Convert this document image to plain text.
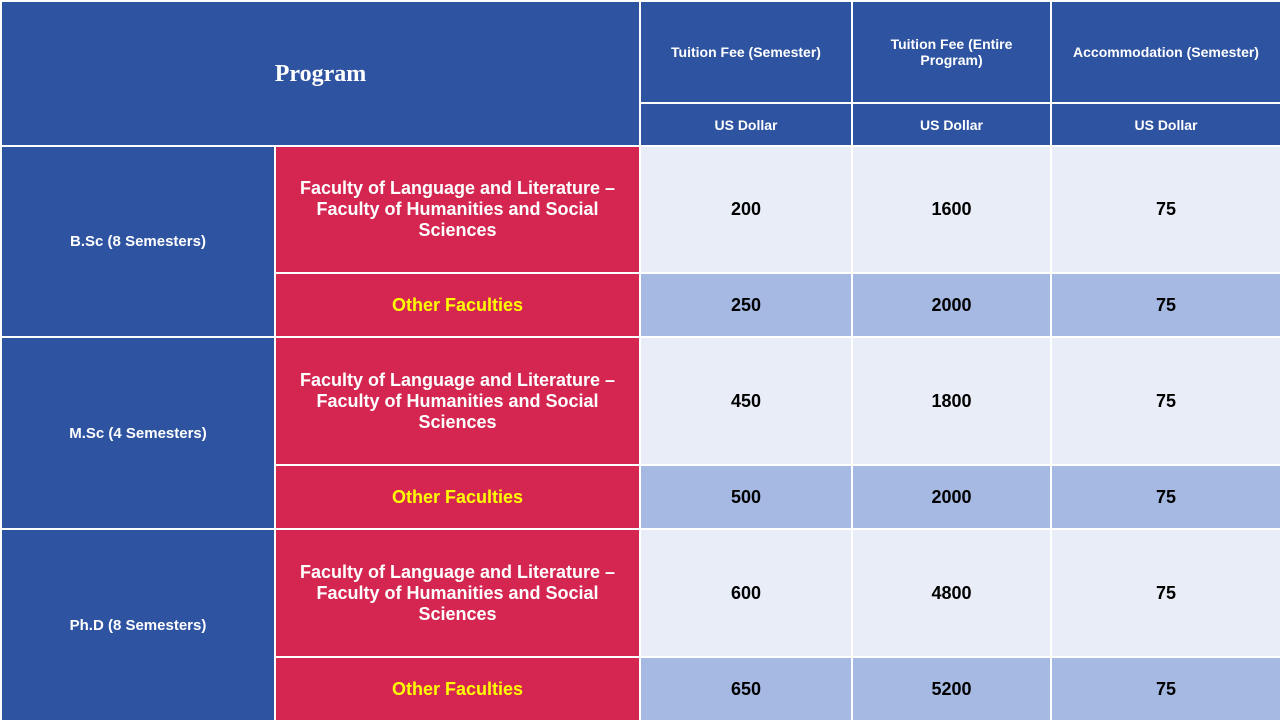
Program		Tuition Fee (Semester)	Tuition Fee (Entire Program)	Accommodation (Semester)
		US Dollar	US Dollar	US Dollar
B.Sc (8 Semesters)	Faculty of Language and Literature – Faculty of Humanities and Social Sciences	200	1600	75
	Other Faculties	250	2000	75
M.Sc (4 Semesters)	Faculty of Language and Literature – Faculty of Humanities and Social Sciences	450	1800	75
	Other Faculties	500	2000	75
Ph.D (8 Semesters)	Faculty of Language and Literature – Faculty of Humanities and Social Sciences	600	4800	75
	Other Faculties	650	5200	75
